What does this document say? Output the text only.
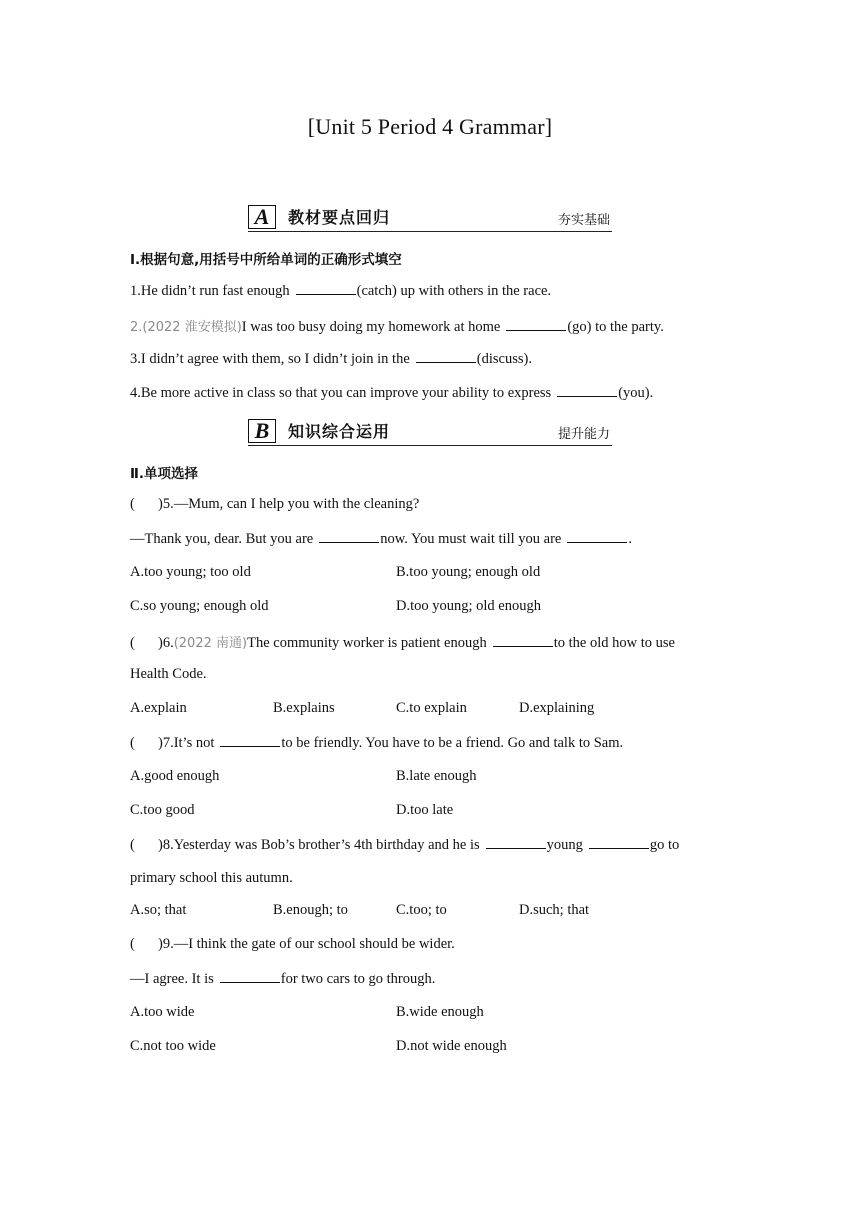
[Unit 5 Period 4 Grammar]
A	教材要点回归	夯实基础
Ⅰ.根据句意,用括号中所给单词的正确形式填空
1.He didn’t run fast enough	(catch) up with others in the race.
2.(2022 淮安模拟)I was too busy doing my homework at home	(go) to the party.
3.I didn’t agree with them, so I didn’t join in the	(discuss).
4.Be more active in class so that you can improve your ability to express	(you).
B	知识综合运用	提升能力
Ⅱ.单项选择
( )5.—Mum, can I help you with the cleaning?
—Thank you, dear. But you are	now. You must wait till you are	.
A.too young; too old	B.too young; enough old
C.so young; enough old	D.too young; old enough
( )6.(2022 南通)The community worker is patient enough	to the old how to use
Health Code.
A.explain	B.explains	C.to explain	D.explaining
( )7.It’s not	to be friendly. You have to be a friend. Go and talk to Sam.
A.good enough	B.late enough
C.too good	D.too late
( )8.Yesterday was Bob’s brother’s 4th birthday and he is	young	go to
primary school this autumn.
A.so; that	B.enough; to	C.too; to	D.such; that
( )9.—I think the gate of our school should be wider.
—I agree. It is	for two cars to go through.
A.too wide	B.wide enough
C.not too wide	D.not wide enough
